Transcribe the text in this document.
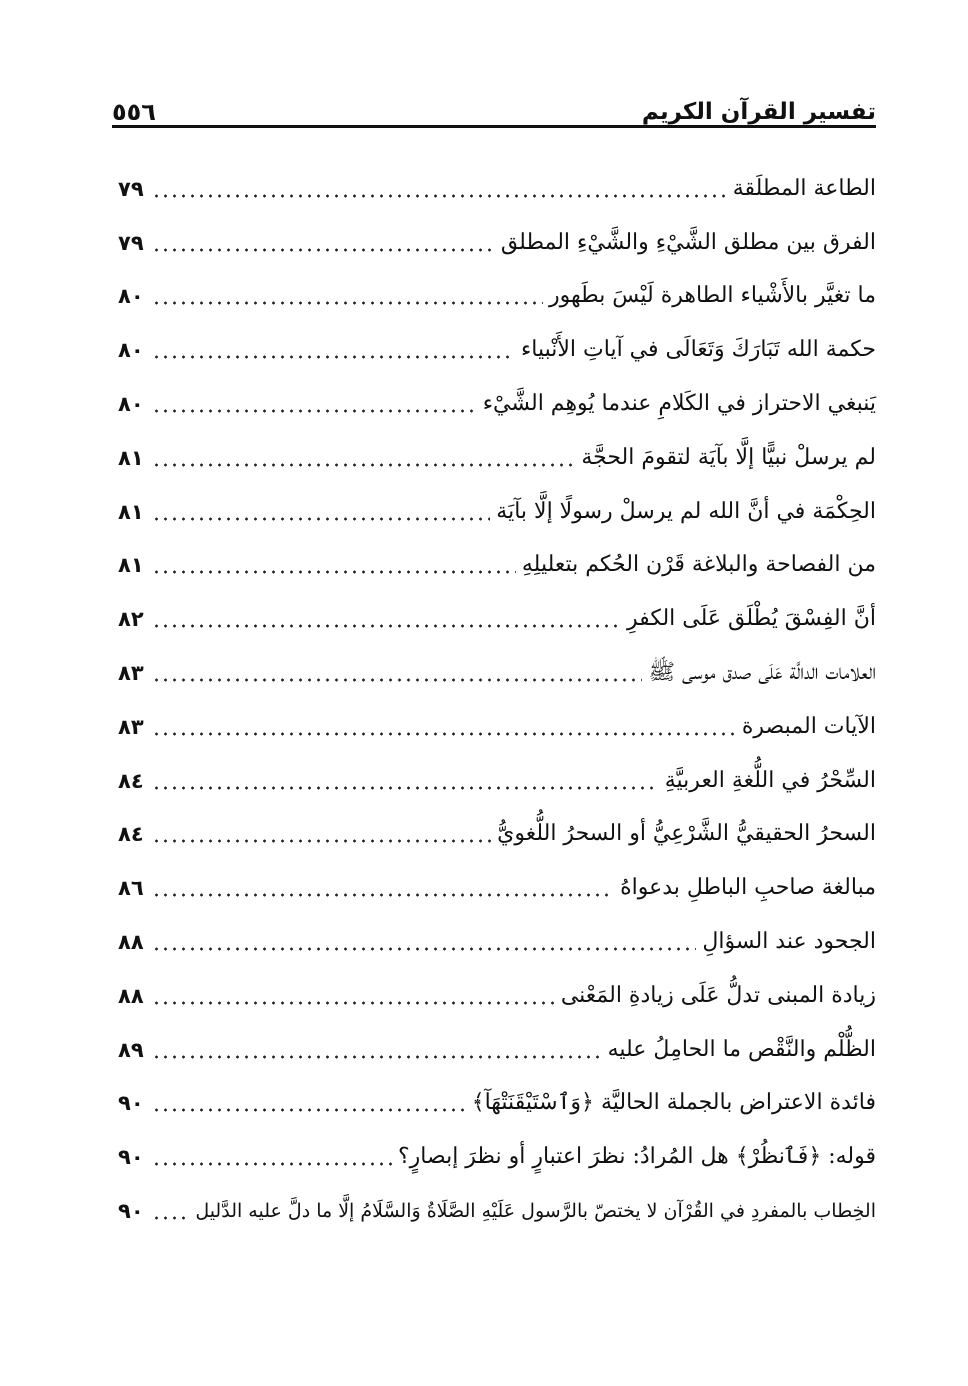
تفسير القرآن الكريم
٥٥٦
الطاعة المطلَقة
٧٩
الفرق بين مطلق الشَّيْءِ والشَّيْءِ المطلق
٧٩
ما تغيَّر بالأَشْياء الطاهرة لَيْسَ بطَهور
٨٠
حكمة الله تَبَارَكَ وَتَعَالَى في آياتِ الأَنْبياء
٨٠
يَنبغي الاحتراز في الكَلامِ عندما يُوهِم الشَّيْء
٨٠
لم يرسلْ نبيًّا إلَّا بآيَة لتقومَ الحجَّة
٨١
الحِكْمَة في أنَّ الله لم يرسلْ رسولًا إلَّا بآيَة
٨١
من الفصاحة والبلاغة قَرْن الحُكم بتعليلِهِ
٨١
أنَّ الفِسْقَ يُطْلَق عَلَى الكفرِ
٨٢
العلامات الدالَّة عَلَى صدق موسى ﷺ
٨٣
الآيات المبصرة
٨٣
السِّحْرُ في اللُّغةِ العربيَّةِ
٨٤
السحرُ الحقيقيُّ الشَّرْعِيُّ أو السحرُ اللُّغويُّ
٨٤
مبالغة صاحبِ الباطلِ بدعواهُ
٨٦
الجحود عند السؤالِ
٨٨
زيادة المبنى تدلُّ عَلَى زيادةِ المَعْنى
٨٨
الظُّلْم والنَّقْص ما الحامِلُ عليه
٨٩
فائدة الاعتراض بالجملة الحاليَّة ﴿وَٱسْتَيْقَنَتْهَآ﴾
٩٠
قوله: ﴿فَٱنظُرْ﴾ هل المُرادُ: نظرَ اعتبارٍ أو نظرَ إبصارٍ؟
٩٠
الخِطاب بالمفردِ في القُرْآن لا يختصّ بالرَّسول عَلَيْهِ الصَّلَاةُ وَالسَّلَامُ إلَّا ما دلَّ عليه الدَّليل
٩٠
